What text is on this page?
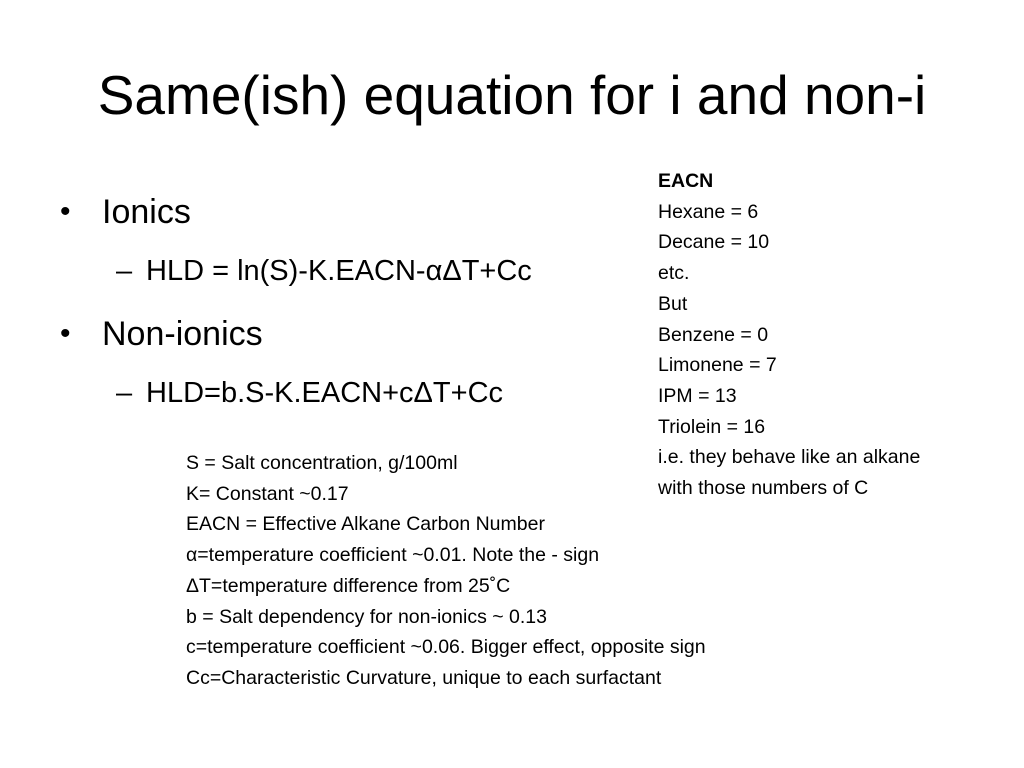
Same(ish) equation for i and non-i
• Ionics
– HLD = ln(S)-K.EACN-αΔT+Cc
• Non-ionics
– HLD=b.S-K.EACN+cΔT+Cc
S = Salt concentration, g/100ml
K= Constant ~0.17
EACN = Effective Alkane Carbon Number
α=temperature coefficient ~0.01. Note the - sign
ΔT=temperature difference from 25˚C
b = Salt dependency for non-ionics ~ 0.13
c=temperature coefficient ~0.06. Bigger effect, opposite sign
Cc=Characteristic Curvature, unique to each surfactant
EACN
Hexane = 6
Decane = 10
etc.
But
Benzene = 0
Limonene = 7
IPM = 13
Triolein = 16
i.e. they behave like an alkane
with those numbers of C
